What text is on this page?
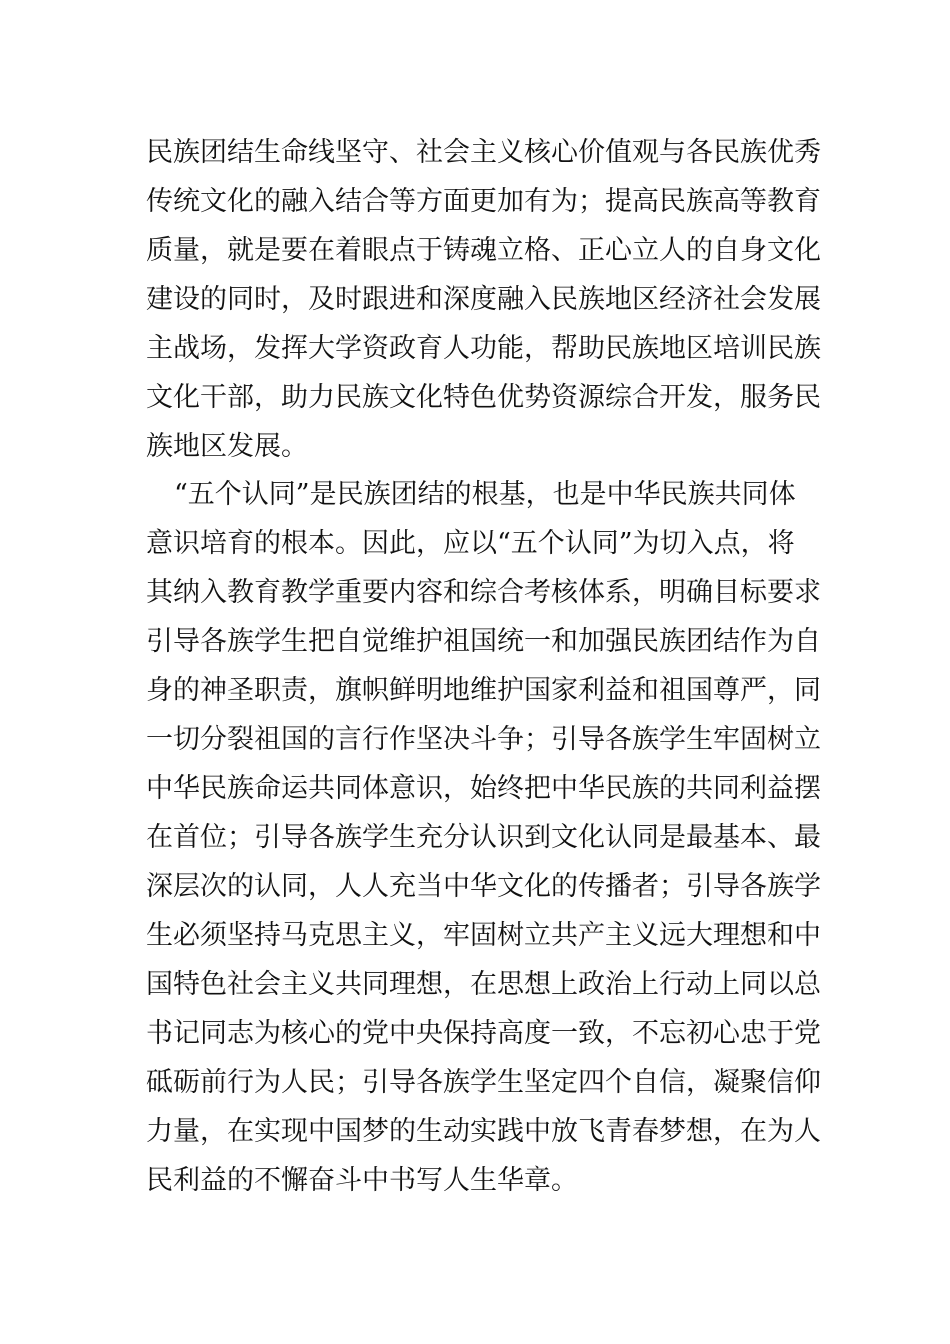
民族团结生命线坚守、社会主义核心价值观与各民族优秀
传统文化的融入结合等方面更加有为；提高民族高等教育
质量，就是要在着眼点于铸魂立格、正心立人的自身文化
建设的同时，及时跟进和深度融入民族地区经济社会发展
主战场，发挥大学资政育人功能，帮助民族地区培训民族
文化干部，助力民族文化特色优势资源综合开发，服务民
族地区发展。
“五个认同”是民族团结的根基，也是中华民族共同体
意识培育的根本。因此，应以“五个认同”为切入点，将
其纳入教育教学重要内容和综合考核体系，明确目标要求
引导各族学生把自觉维护祖国统一和加强民族团结作为自
身的神圣职责，旗帜鲜明地维护国家利益和祖国尊严，同
一切分裂祖国的言行作坚决斗争；引导各族学生牢固树立
中华民族命运共同体意识，始终把中华民族的共同利益摆
在首位；引导各族学生充分认识到文化认同是最基本、最
深层次的认同，人人充当中华文化的传播者；引导各族学
生必须坚持马克思主义，牢固树立共产主义远大理想和中
国特色社会主义共同理想，在思想上政治上行动上同以总
书记同志为核心的党中央保持高度一致，不忘初心忠于党
砥砺前行为人民；引导各族学生坚定四个自信，凝聚信仰
力量，在实现中国梦的生动实践中放飞青春梦想，在为人
民利益的不懈奋斗中书写人生华章。
